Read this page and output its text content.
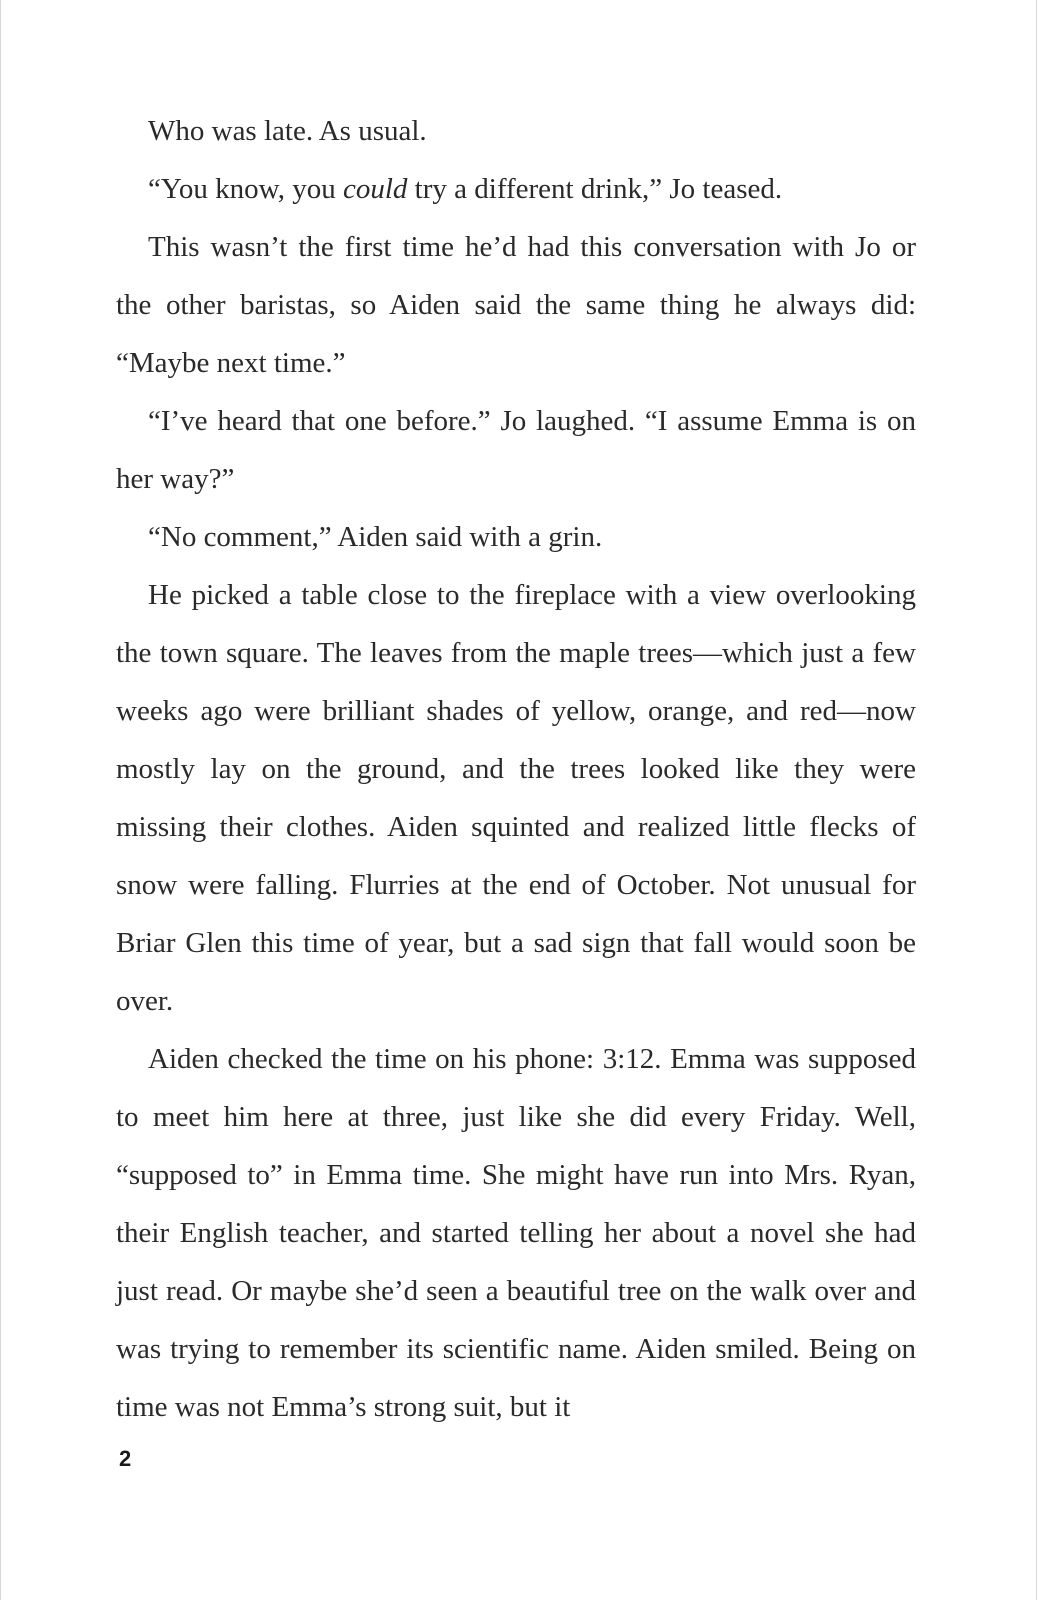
Who was late. As usual.

“You know, you could try a different drink,” Jo teased.

This wasn’t the first time he’d had this conversation with Jo or the other baristas, so Aiden said the same thing he always did: “Maybe next time.”

“I’ve heard that one before.” Jo laughed. “I assume Emma is on her way?”

“No comment,” Aiden said with a grin.

He picked a table close to the fireplace with a view overlooking the town square. The leaves from the maple trees—which just a few weeks ago were brilliant shades of yellow, orange, and red—now mostly lay on the ground, and the trees looked like they were missing their clothes. Aiden squinted and realized little flecks of snow were falling. Flurries at the end of October. Not unusual for Briar Glen this time of year, but a sad sign that fall would soon be over.

Aiden checked the time on his phone: 3:12. Emma was supposed to meet him here at three, just like she did every Friday. Well, “supposed to” in Emma time. She might have run into Mrs. Ryan, their English teacher, and started telling her about a novel she had just read. Or maybe she’d seen a beautiful tree on the walk over and was trying to remember its scientific name. Aiden smiled. Being on time was not Emma’s strong suit, but it

2
